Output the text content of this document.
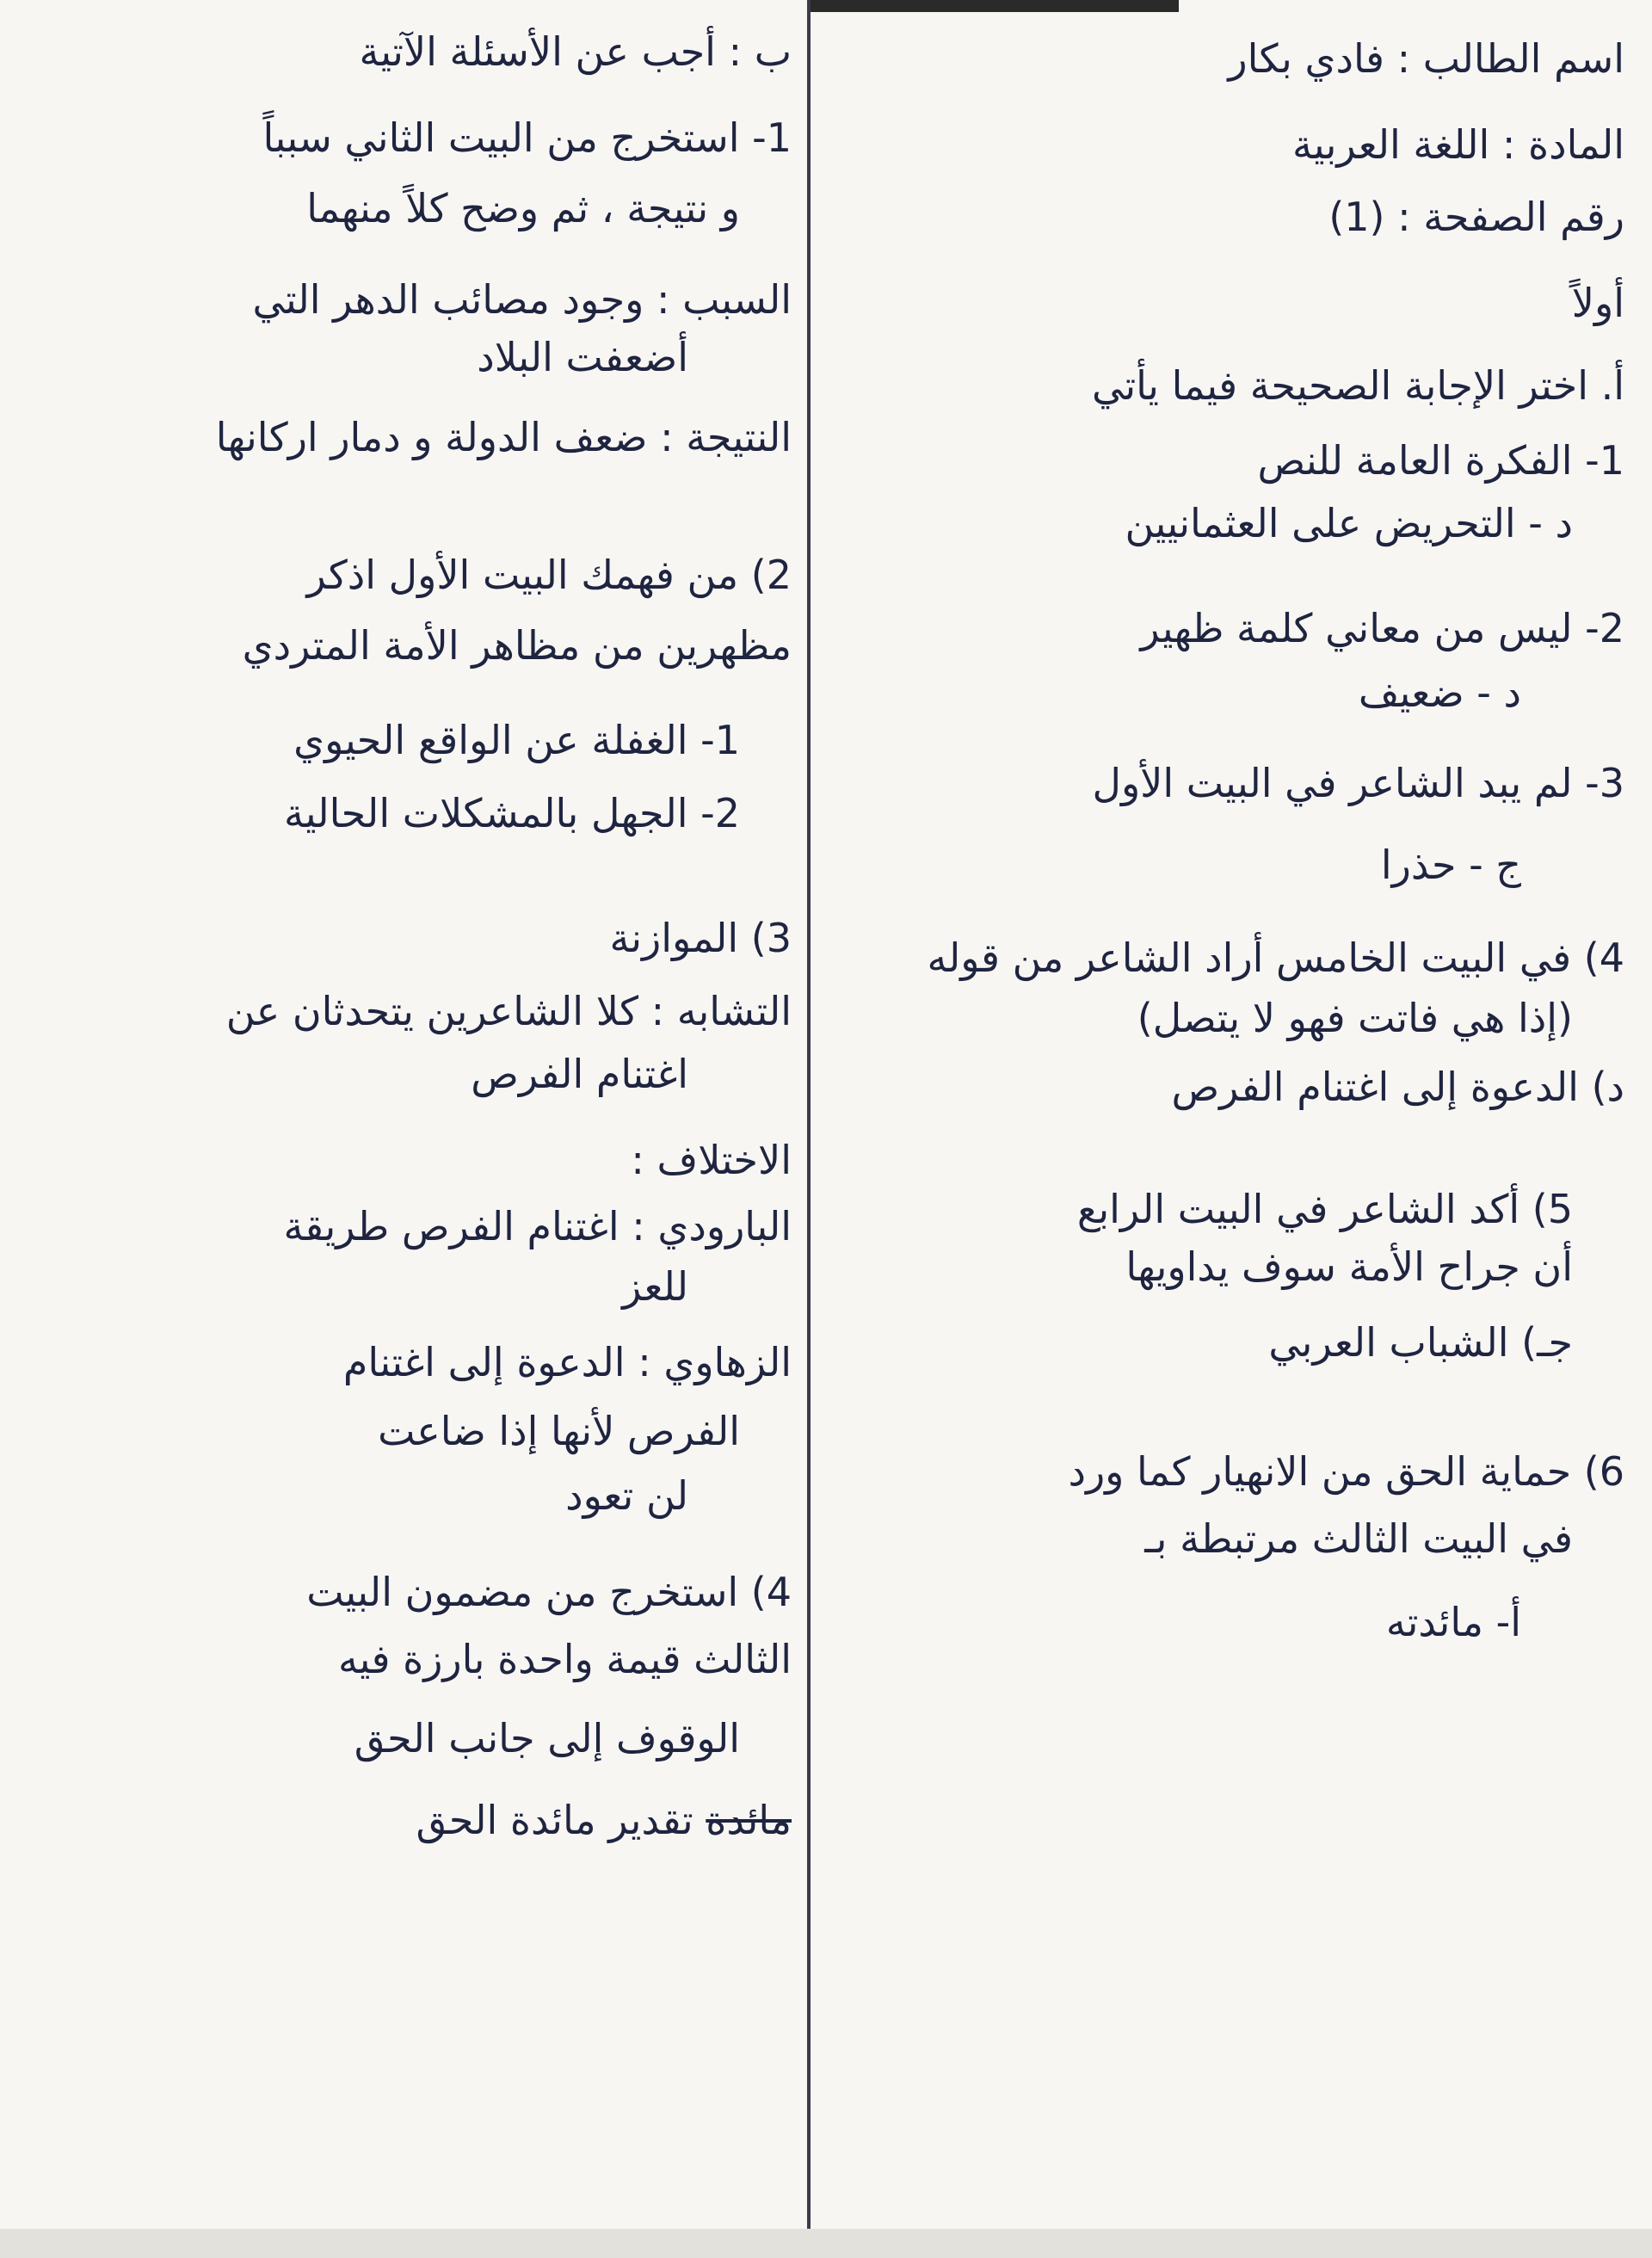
اسم الطالب : فادي بكار
المادة : اللغة العربية
رقم الصفحة : (1)
أولاً
أ. اختر الإجابة الصحيحة فيما يأتي
1- الفكرة العامة للنص
د - التحريض على العثمانيين
2- ليس من معاني كلمة ظهير
د - ضعيف
3- لم يبد الشاعر في البيت الأول
ج - حذرا
4) في البيت الخامس أراد الشاعر من قوله
(إذا هي فاتت فهو لا يتصل)
د) الدعوة إلى اغتنام الفرص
5) أكد الشاعر في البيت الرابع
أن جراح الأمة سوف يداويها
جـ) الشباب العربي
6) حماية الحق من الانهيار كما ورد
في البيت الثالث مرتبطة بـ
أ- مائدته
ب : أجب عن الأسئلة الآتية
1- استخرج من البيت الثاني سبباً
و نتيجة ، ثم وضح كلاً منهما
السبب : وجود مصائب الدهر التي
أضعفت البلاد
النتيجة : ضعف الدولة و دمار اركانها
2) من فهمك البيت الأول اذكر
مظهرين من مظاهر الأمة المتردي
1- الغفلة عن الواقع الحيوي
2- الجهل بالمشكلات الحالية
3) الموازنة
التشابه : كلا الشاعرين يتحدثان عن
اغتنام الفرص
الاختلاف :
البارودي : اغتنام الفرص طريقة
للعز
الزهاوي : الدعوة إلى اغتنام
الفرص لأنها إذا ضاعت
لن تعود
4) استخرج من مضمون البيت
الثالث قيمة واحدة بارزة فيه
الوقوف إلى جانب الحق
مائدة تقدير مائدة الحق
